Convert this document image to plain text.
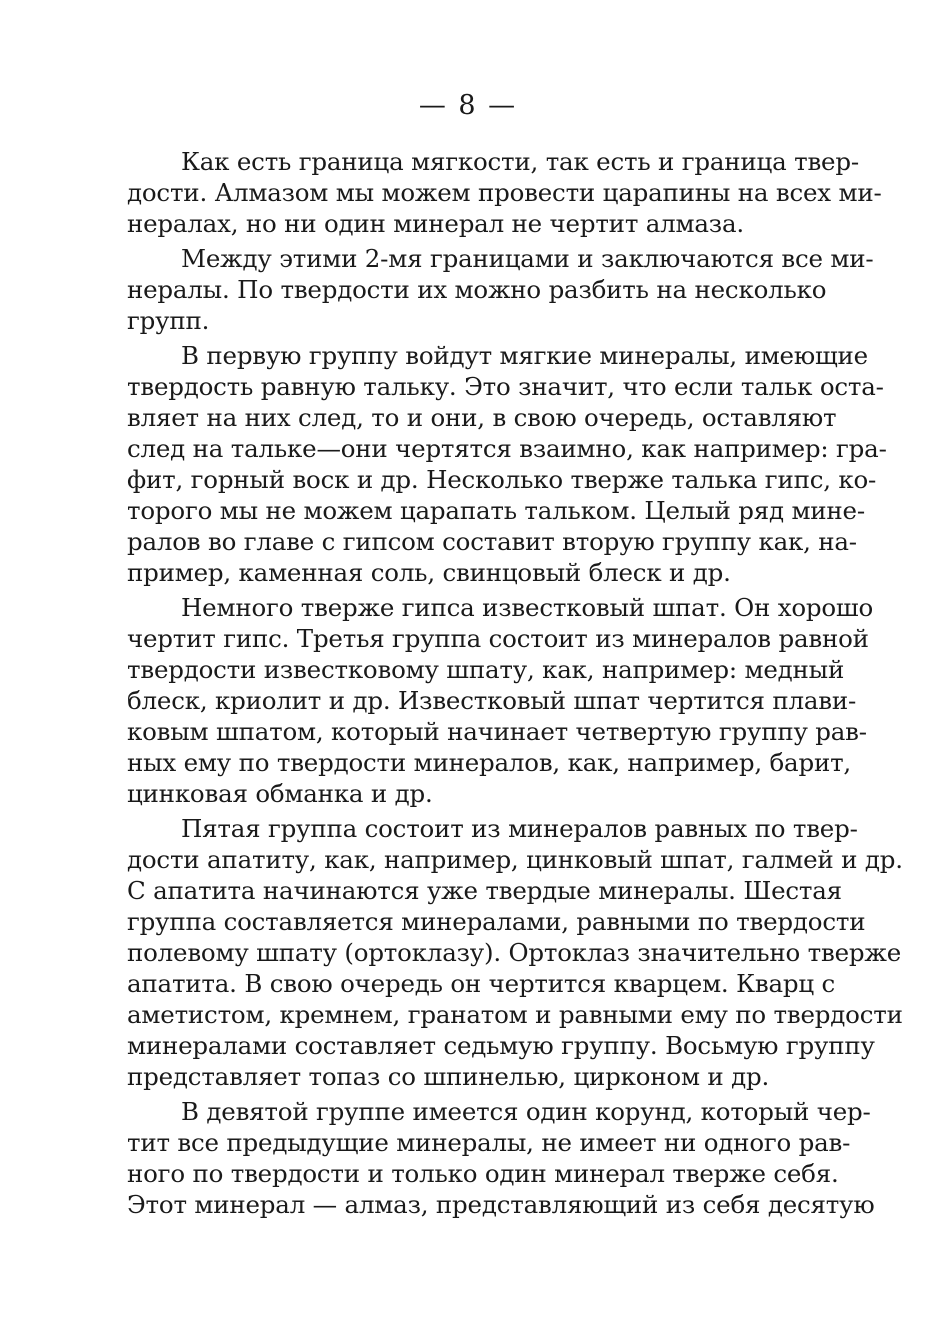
— 8 —
Как есть граница мягкости, так есть и граница твер-
дости. Алмазом мы можем провести царапины на всех ми-
нералах, но ни один минерал не чертит алмаза.
Между этими 2-мя границами и заключаются все ми-
нералы. По твердости их можно разбить на несколько
групп.
В первую группу войдут мягкие минералы, имеющие
твердость равную тальку. Это значит, что если тальк оста-
вляет на них след, то и они, в свою очередь, оставляют
след на тальке—они чертятся взаимно, как например: гра-
фит, горный воск и др. Несколько тверже талька гипс, ко-
торого мы не можем царапать тальком. Целый ряд мине-
ралов во главе с гипсом составит вторую группу как, на-
пример, каменная соль, свинцовый блеск и др.
Немного тверже гипса известковый шпат. Он хорошо
чертит гипс. Третья группа состоит из минералов равной
твердости известковому шпату, как, например: медный
блеск, криолит и др. Известковый шпат чертится плави-
ковым шпатом, который начинает четвертую группу рав-
ных ему по твердости минералов, как, например, барит,
цинковая обманка и др.
Пятая группа состоит из минералов равных по твер-
дости апатиту, как, например, цинковый шпат, галмей и др.
С апатита начинаются уже твердые минералы. Шестая
группа составляется минералами, равными по твердости
полевому шпату (ортоклазу). Ортоклаз значительно тверже
апатита. В свою очередь он чертится кварцем. Кварц с
аметистом, кремнем, гранатом и равными ему по твердости
минералами составляет седьмую группу. Восьмую группу
представляет топаз со шпинелью, цирконом и др.
В девятой группе имеется один корунд, который чер-
тит все предыдущие минералы, не имеет ни одного рав-
ного по твердости и только один минерал тверже себя.
Этот минерал — алмаз, представляющий из себя десятую
